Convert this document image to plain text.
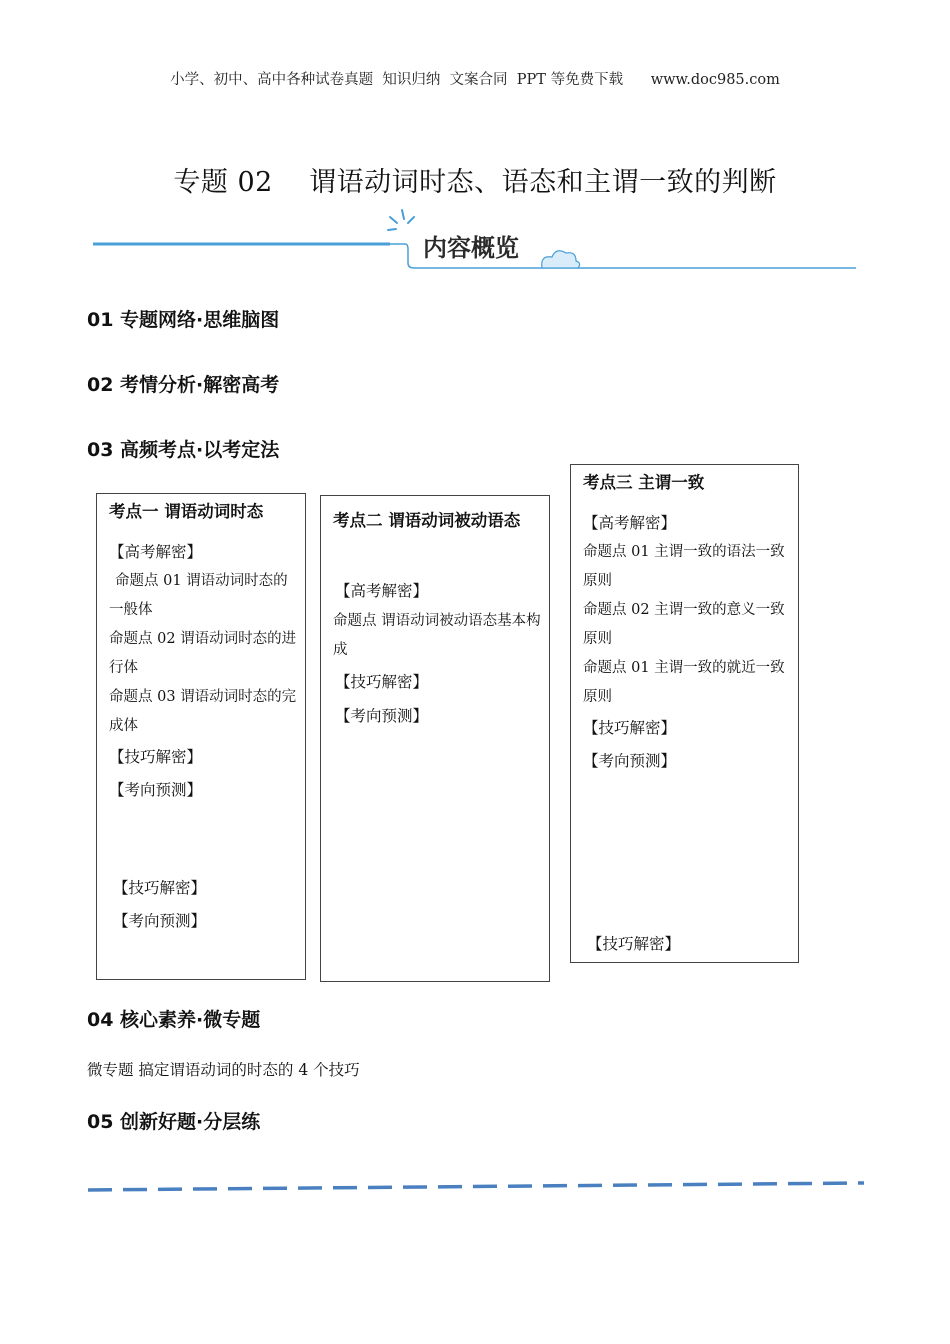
小学、初中、高中各种试卷真题  知识归纳  文案合同  PPT 等免费下载      www.doc985.com
专题 02    谓语动词时态、语态和主谓一致的判断
内容概览
01 专题网络·思维脑图
02 考情分析·解密高考
03 高频考点·以考定法
考点一 谓语动词时态
【高考解密】
命题点 01 谓语动词时态的一般体
命题点 02 谓语动词时态的进行体
命题点 03 谓语动词时态的完成体
【技巧解密】
【考向预测】
【技巧解密】
【考向预测】
考点二 谓语动词被动语态
【高考解密】
命题点 谓语动词被动语态基本构成
【技巧解密】
【考向预测】
考点三 主谓一致
【高考解密】
命题点 01 主谓一致的语法一致原则
命题点 02 主谓一致的意义一致原则
命题点 01 主谓一致的就近一致原则
【技巧解密】
【考向预测】
【技巧解密】
04 核心素养·微专题
微专题 搞定谓语动词的时态的 4 个技巧
05 创新好题·分层练
